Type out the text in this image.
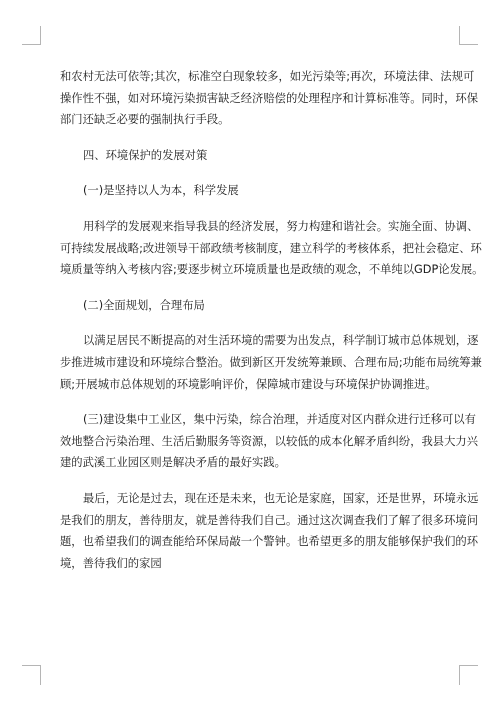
和农村无法可依等;其次，标准空白现象较多，如光污染等;再次，环境法律、法规可
操作性不强，如对环境污染损害缺乏经济赔偿的处理程序和计算标准等。同时，环保
部门还缺乏必要的强制执行手段。
四、环境保护的发展对策
(一)是坚持以人为本，科学发展
用科学的发展观来指导我县的经济发展，努力构建和谐社会。实施全面、协调、
可持续发展战略;改进领导干部政绩考核制度，建立科学的考核体系，把社会稳定、环
境质量等纳入考核内容;要逐步树立环境质量也是政绩的观念，不单纯以GDP论发展。
(二)全面规划，合理布局
以满足居民不断提高的对生活环境的需要为出发点，科学制订城市总体规划，逐
步推进城市建设和环境综合整治。做到新区开发统筹兼顾、合理布局;功能布局统筹兼
顾;开展城市总体规划的环境影响评价，保障城市建设与环境保护协调推进。
(三)建设集中工业区，集中污染，综合治理，并适度对区内群众进行迁移可以有
效地整合污染治理、生活后勤服务等资源，以较低的成本化解矛盾纠纷，我县大力兴
建的武溪工业园区则是解决矛盾的最好实践。
最后，无论是过去，现在还是未来，也无论是家庭，国家，还是世界，环境永远
是我们的朋友，善待朋友，就是善待我们自己。通过这次调查我们了解了很多环境问
题，也希望我们的调查能给环保局敲一个警钟。也希望更多的朋友能够保护我们的环
境，善待我们的家园
